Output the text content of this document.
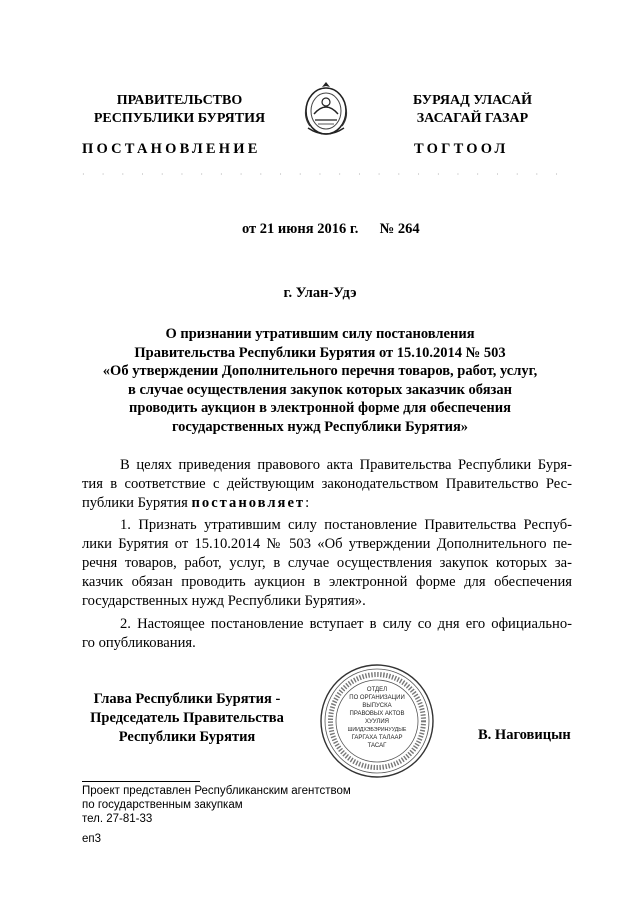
ПРАВИТЕЛЬСТВО
РЕСПУБЛИКИ БУРЯТИЯ
БУРЯАД УЛАСАЙ
ЗАСАГАЙ ГАЗАР
ПОСТАНОВЛЕНИЕ	ТОГТООЛ
· · · · · · · · · · · · · · · · · · · · · · · · ·
от 21 июня 2016 г. № 264
г. Улан-Удэ
О признании утратившим силу постановления
Правительства Республики Бурятия от 15.10.2014 № 503
«Об утверждении Дополнительного перечня товаров, работ, услуг,
в случае осуществления закупок которых заказчик обязан
проводить аукцион в электронной форме для обеспечения
государственных нужд Республики Бурятия»
В целях приведения правового акта Правительства Республики Буря-
тия в соответствие с действующим законодательством Правительство Рес-
публики Бурятия постановляет:
1. Признать утратившим силу постановление Правительства Респуб-
лики Бурятия от 15.10.2014 № 503 «Об утверждении Дополнительного пе-
речня товаров, работ, услуг, в случае осуществления закупок которых за-
казчик обязан проводить аукцион в электронной форме для обеспечения
государственных нужд Республики Бурятия».
2. Настоящее постановление вступает в силу со дня его официально-
го опубликования.
Глава Республики Бурятия -
Председатель Правительства
Республики Бурятия
ОТДЕЛ
ПО ОРГАНИЗАЦИИ
ВЫПУСКА
ПРАВОВЫХ АКТОВ
ХУУЛИЯ
ШИИДХЭБЭРИНУУДЫЕ
ГАРГАХА ТАЛААР
ТАСАГ
В. Наговицын
Проект представлен Республиканским агентством
по государственным закупкам
тел. 27-81-33
еп3
